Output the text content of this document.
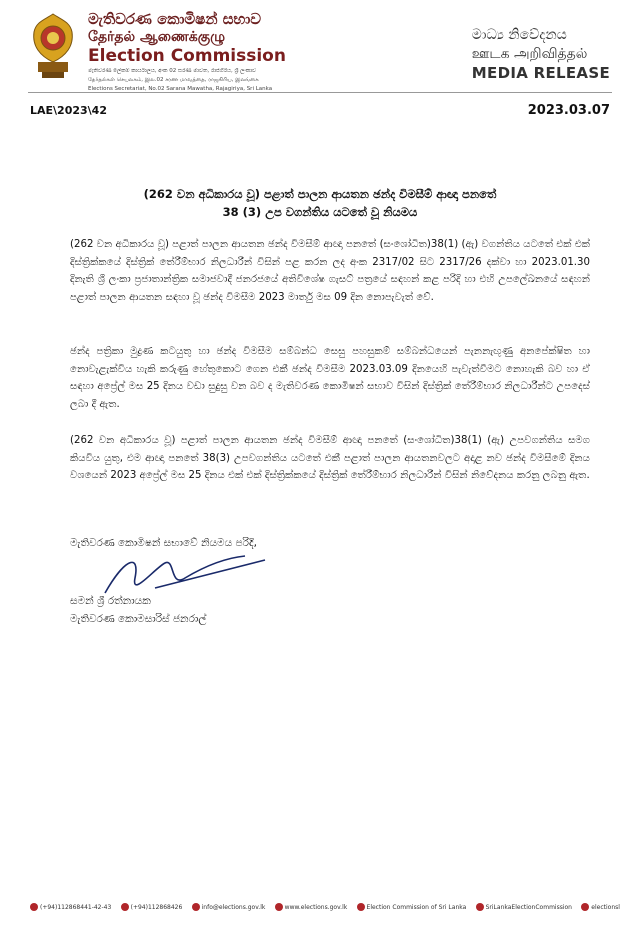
මැතිවරණ කොමිෂන් සභාව
தேர்தல் ஆணைக்குழு
Election Commission
මැතිවරණ ලේකම් කාර්යාලය, අංක 02 සරණ මාවත, රාජගිරිය, ශ්‍රී ලංකාව
தேர்தல்கள் செயலகம், இல.02 சரண மாவத்தை, ராஜகிரிய, இலங்கை
Elections Secretariat, No.02 Sarana Mawatha, Rajagiriya, Sri Lanka
මාධ්‍ය නිවේදනය
ஊடக அறிவித்தல்
MEDIA RELEASE
LAE\2023\42	2023.03.07
(262 වන අධිකාරය වූ) පළාත් පාලන ආයතන ඡන්ද විමසීම් ආඥා පනතේ
38 (3) උප වගන්තිය යටතේ වූ නියමය
(262 වන අධිකාරය වූ) පළාත් පාලන ආයතන ඡන්ද විමසීම් ආඥා පනතේ (සංශෝධිත)38(1) (ඇ) වගන්තිය යටතේ එක් එක් දිස්ත්‍රික්කයේ දිස්ත්‍රික් තේරීම්භාර නිලධාරීන් විසින් පළ කරන ලද අංක 2317/02 සිට 2317/26 දක්වා හා 2023.01.30 දිනැති ශ්‍රී ලංකා ප්‍රජාතාන්ත්‍රික සමාජවාදී ජනරජයේ අතිවිශේෂ ගැසට් පත්‍රයේ සඳහන් කළ පරිදි හා එහි උපලේඛනයේ සඳහන් පළාත් පාලන ආයතන සඳහා වූ ඡන්ද විමසීම 2023 මාර්තු මස 09 දින නොපැවැත් වේ.
ඡන්ද පත්‍රිකා මුද්‍රණ කටයුතු හා ඡන්ද විමසීම සම්බන්ධ සෙසු පහසුකම් සම්බන්ධයෙන් පැනනැඟුණු අනපේක්ෂිත හා නොවැළැක්විය හැකි කරුණු හේතුකොට ගෙන එකී ඡන්ද විමසීම 2023.03.09 දිනයෙහි පැවැත්වීමට නොහැකි බව හා ඒ සඳහා අප්‍රේල් මස 25 දිනය වඩා සුදුසු වන බව ද මැතිවරණ කොමිෂන් සභාව විසින් දිස්ත්‍රික් තේරීම්භාර නිලධාරීන්ට උපදෙස් ලබා දී ඇත.
(262 වන අධිකාරය වූ) පළාත් පාලන ආයතන ඡන්ද විමසීම් ආඥා පනතේ (සංශෝධිත)38(1) (ඇ) උපවගන්තිය සමග කියවිය යුතු, එම ආඥා පනතේ 38(3) උපවගන්තිය යටතේ එකී පළාත් පාලන ආයතනවලට අදාළ නව ඡන්ද විමසීමේ දිනය වශයෙන් 2023 අප්‍රේල් මස 25 දිනය එක් එක් දිස්ත්‍රික්කයේ දිස්ත්‍රික් තේරීම්භාර නිලධාරීන් විසින් නිවේදනය කරනු ලබනු ඇත.
මැතිවරණ කොමිෂන් සභාවේ නියමය පරිදි,
සමන් ශ්‍රී රත්නායක
මැතිවරණ කොමසාරිස් ජනරාල්
(+94)112868441-42-43	(+94)112868426	info@elections.gov.lk	www.elections.gov.lk	Election Commission of Sri Lanka	SriLankaElectionCommission	electionsl
